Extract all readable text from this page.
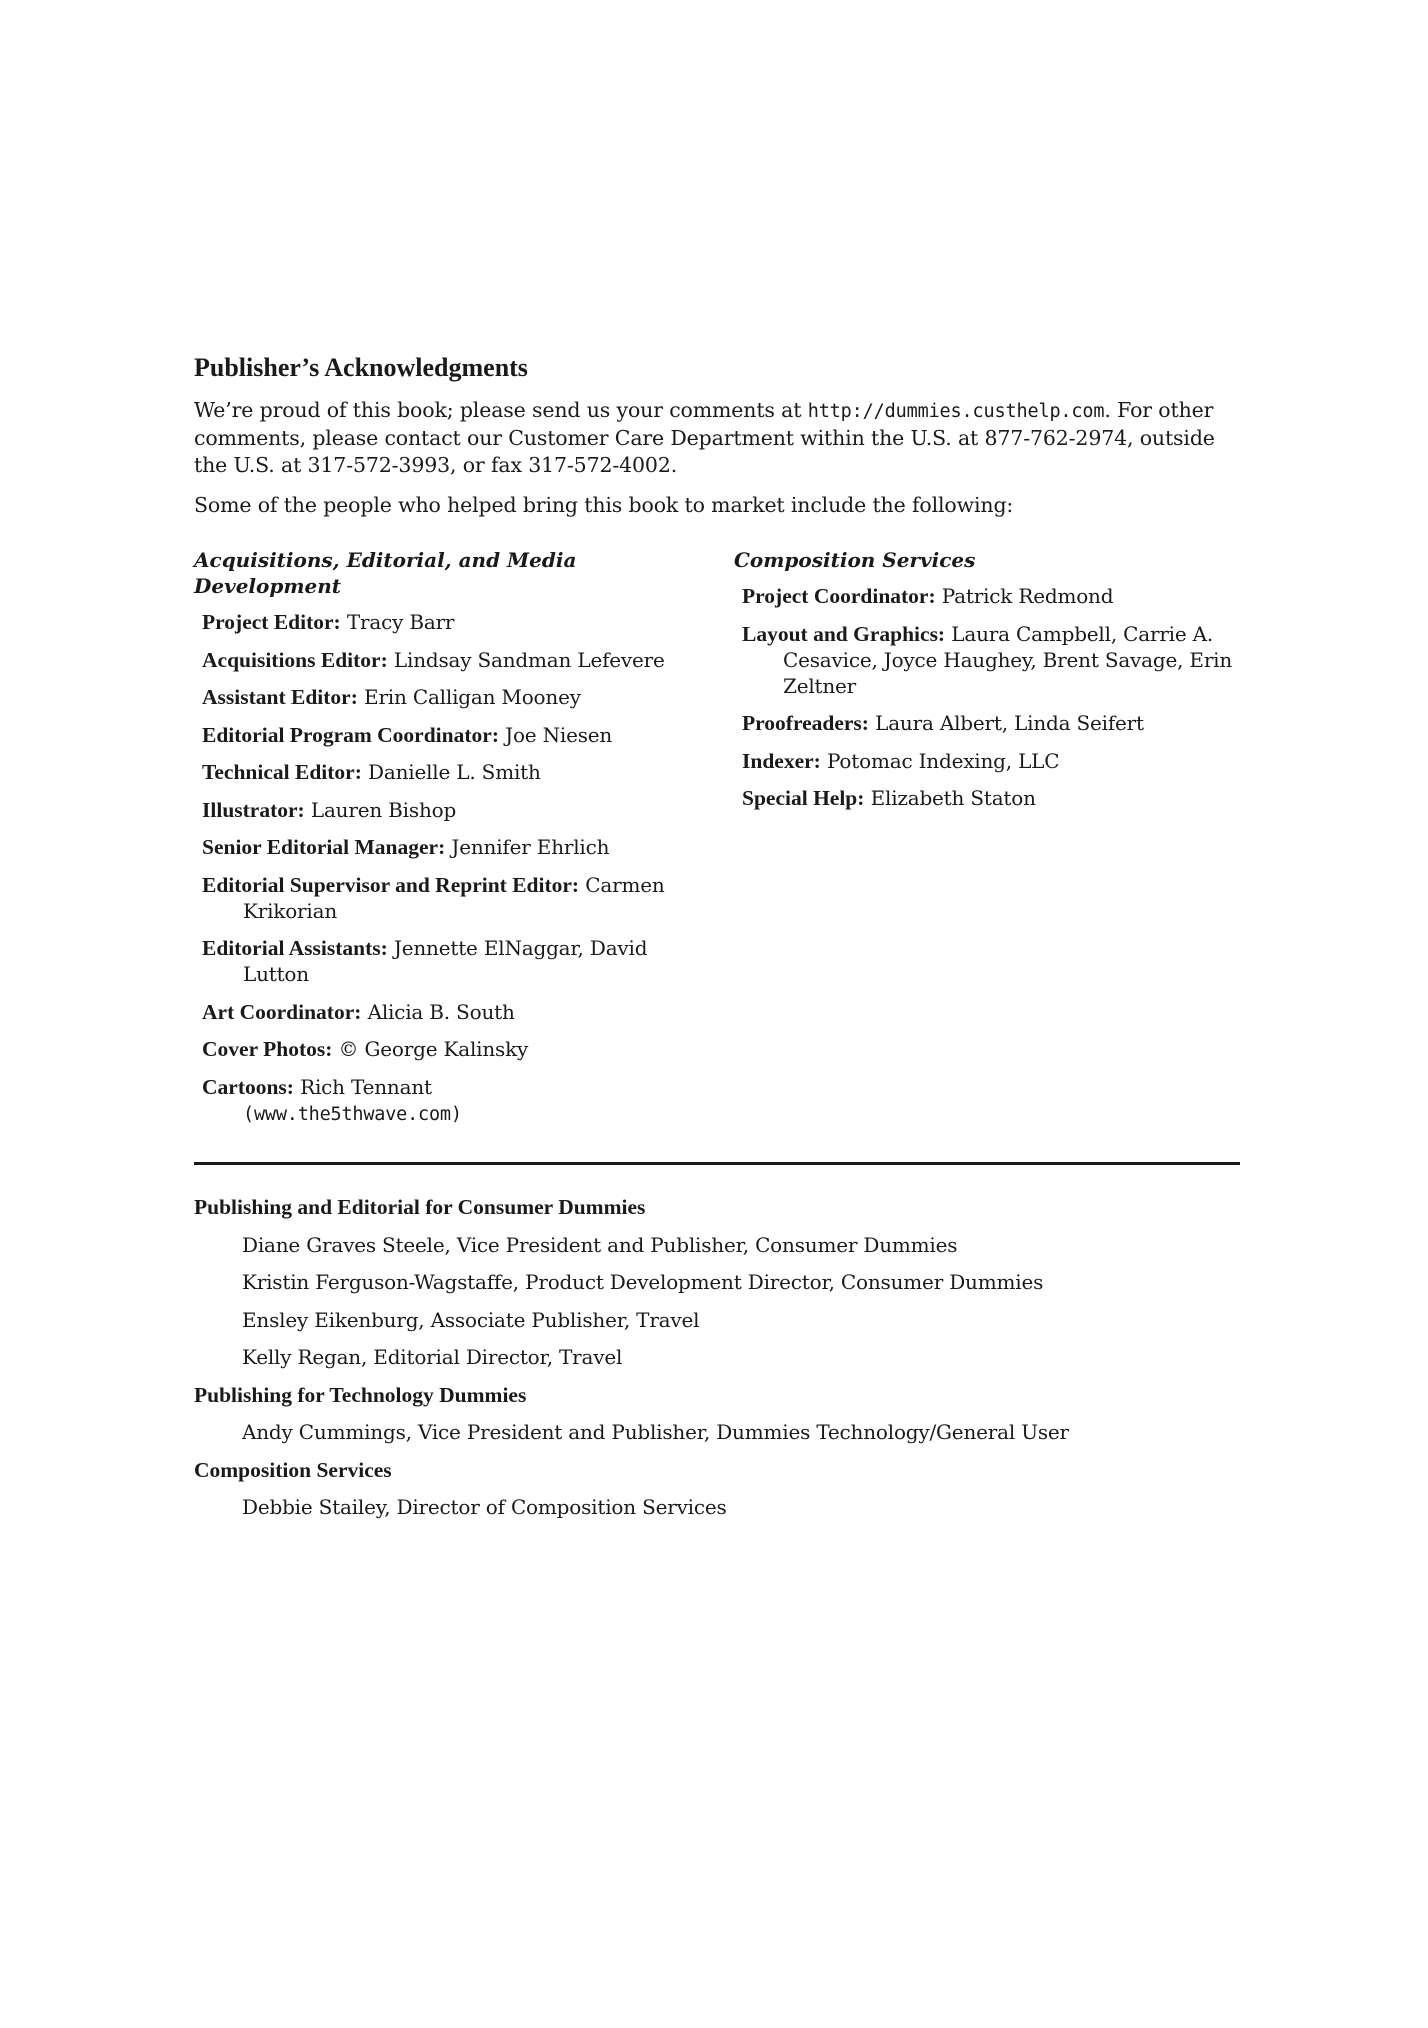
Publisher’s Acknowledgments

We’re proud of this book; please send us your comments at http://dummies.custhelp.com. For other comments, please contact our Customer Care Department within the U.S. at 877-762-2974, outside the U.S. at 317-572-3993, or fax 317-572-4002.

Some of the people who helped bring this book to market include the following:

Acquisitions, Editorial, and Media Development
Project Editor: Tracy Barr
Acquisitions Editor: Lindsay Sandman Lefevere
Assistant Editor: Erin Calligan Mooney
Editorial Program Coordinator: Joe Niesen
Technical Editor: Danielle L. Smith
Illustrator: Lauren Bishop
Senior Editorial Manager: Jennifer Ehrlich
Editorial Supervisor and Reprint Editor: Carmen Krikorian
Editorial Assistants: Jennette ElNaggar, David Lutton
Art Coordinator: Alicia B. South
Cover Photos: © George Kalinsky
Cartoons: Rich Tennant
(www.the5thwave.com)
Composition Services
Project Coordinator: Patrick Redmond
Layout and Graphics: Laura Campbell, Carrie A. Cesavice, Joyce Haughey, Brent Savage, Erin Zeltner
Proofreaders: Laura Albert, Linda Seifert
Indexer: Potomac Indexing, LLC
Special Help: Elizabeth Staton
Publishing and Editorial for Consumer Dummies
Diane Graves Steele, Vice President and Publisher, Consumer Dummies
Kristin Ferguson-Wagstaffe, Product Development Director, Consumer Dummies
Ensley Eikenburg, Associate Publisher, Travel
Kelly Regan, Editorial Director, Travel
Publishing for Technology Dummies
Andy Cummings, Vice President and Publisher, Dummies Technology/General User
Composition Services
Debbie Stailey, Director of Composition Services
